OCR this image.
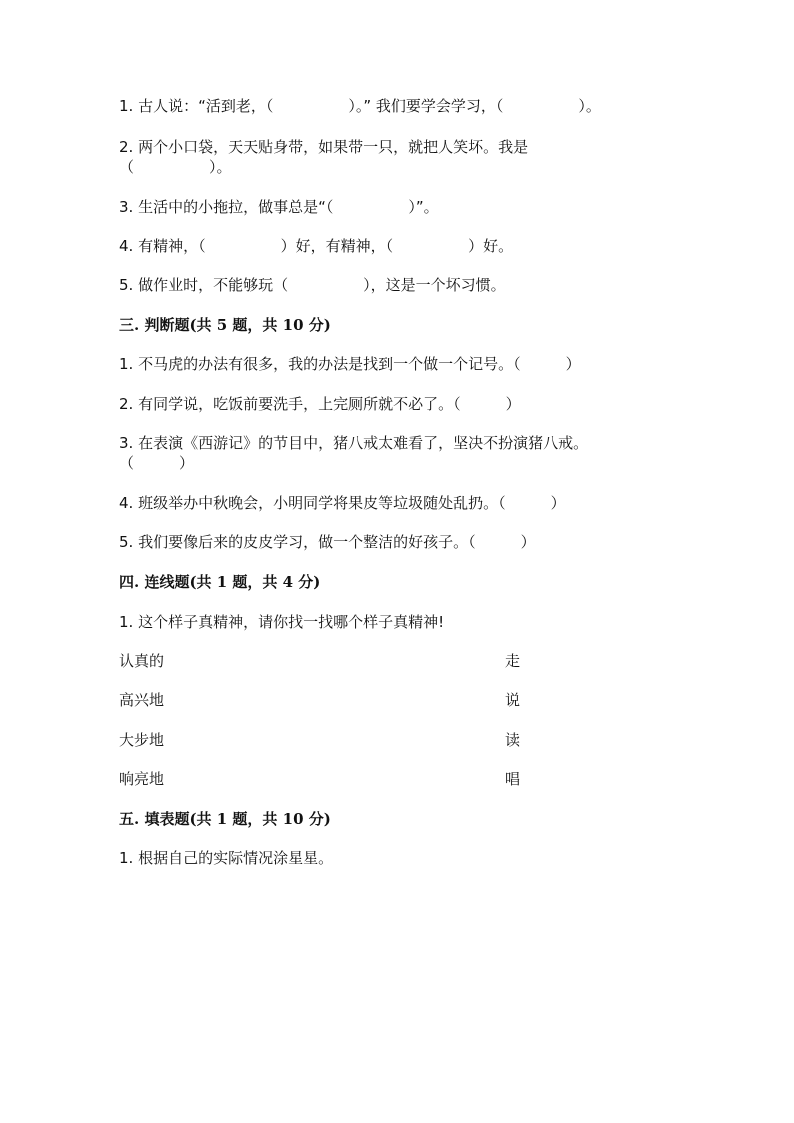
1. 古人说：“活到老，（　　　　　）。” 我们要学会学习，（　　　　　）。
2. 两个小口袋，天天贴身带，如果带一只，就把人笑坏。我是
（　　　　　）。
3. 生活中的小拖拉，做事总是“（　　　　　）”。
4. 有精神，（　　　　　）好，有精神，（　　　　　）好。
5. 做作业时，不能够玩（　　　　　），这是一个坏习惯。
三. 判断题(共 5 题，共 10 分)
1. 不马虎的办法有很多，我的办法是找到一个做一个记号。（　　　）
2. 有同学说，吃饭前要洗手，上完厕所就不必了。（　　　）
3. 在表演《西游记》的节目中，猪八戒太难看了，坚决不扮演猪八戒。
（　　　）
4. 班级举办中秋晚会，小明同学将果皮等垃圾随处乱扔。（　　　）
5. 我们要像后来的皮皮学习，做一个整洁的好孩子。（　　　）
四. 连线题(共 1 题，共 4 分)
1. 这个样子真精神，请你找一找哪个样子真精神!
认真的	走
高兴地	说
大步地	读
响亮地	唱
五. 填表题(共 1 题，共 10 分)
1. 根据自己的实际情况涂星星。
